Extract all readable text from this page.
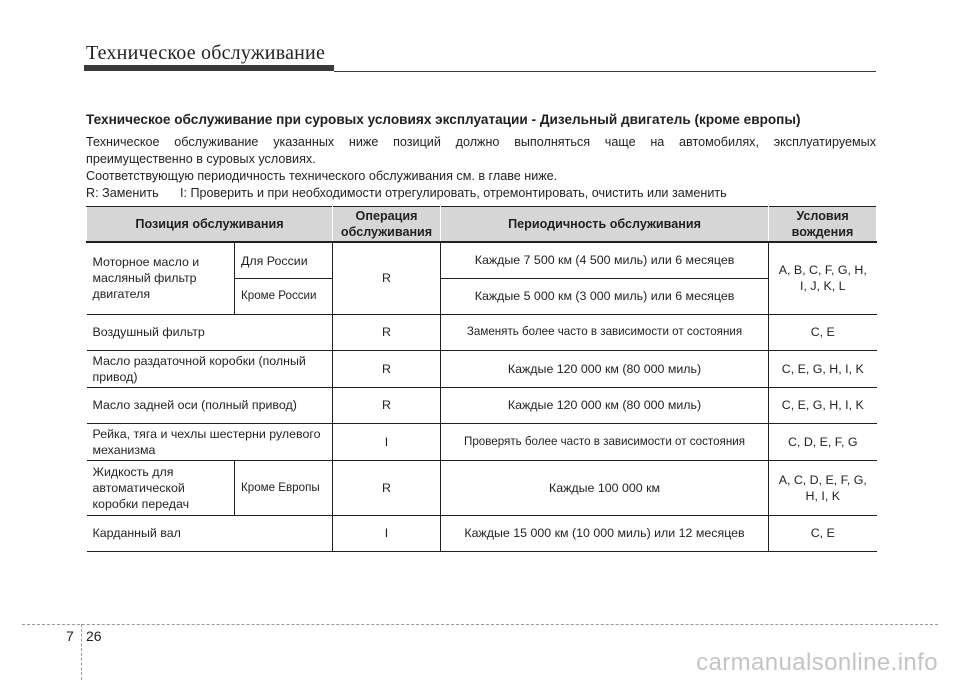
Техническое обслуживание
Техническое обслуживание при суровых условиях эксплуатации - Дизельный двигатель (кроме европы)

Техническое обслуживание указанных ниже позиций должно выполняться чаще на автомобилях, эксплуатируемых

преимущественно в суровых условиях.

Соответствующую периодичность технического обслуживания см. в главе ниже.

R: Заменить I: Проверить и при необходимости отрегулировать, отремонтировать, очистить или заменить

Позиция обслуживания		Операция обслуживания	Периодичность обслуживания	Условия вождения
Моторное масло и масляный фильтр двигателя	Для России	R	Каждые 7 500 км (4 500 миль) или 6 месяцев	A, B, C, F, G, H, I, J, K, L
	Кроме России		Каждые 5 000 км (3 000 миль) или 6 месяцев	
Воздушный фильтр		R	Заменять более часто в зависимости от состояния	C, E
Масло раздаточной коробки (полный привод)		R	Каждые 120 000 км (80 000 миль)	C, E, G, H, I, K
Масло задней оси (полный привод)		R	Каждые 120 000 км (80 000 миль)	C, E, G, H, I, K
Рейка, тяга и чехлы шестерни рулевого механизма		I	Проверять более часто в зависимости от состояния	C, D, E, F, G
Жидкость для автоматической коробки передач	Кроме Европы	R	Каждые 100 000 км	A, C, D, E, F, G, H, I, K
Карданный вал		I	Каждые 15 000 км (10 000 миль) или 12 месяцев	C, E
7 26
carmanualsonline.info
